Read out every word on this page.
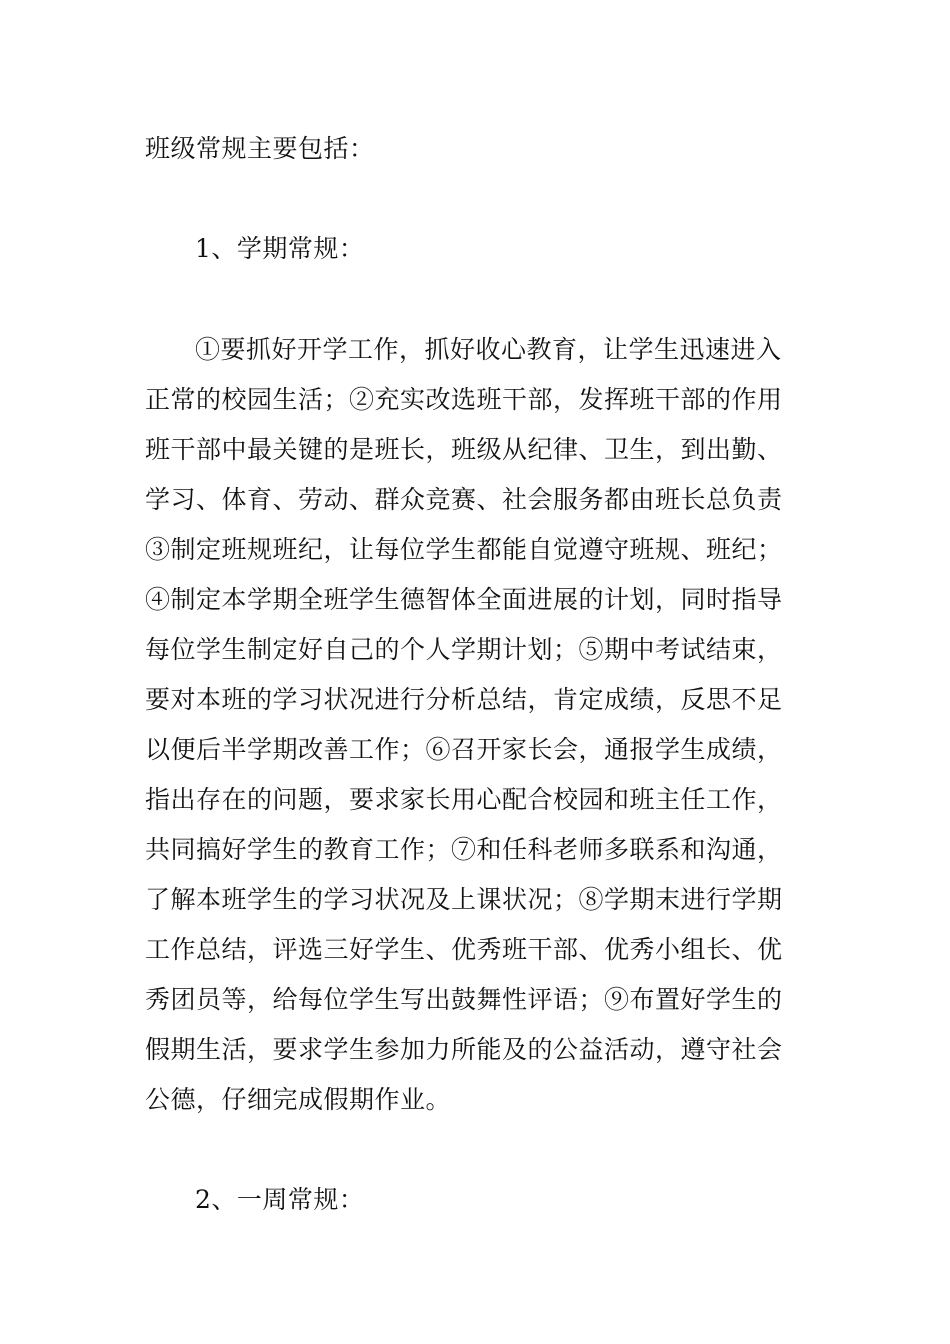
班级常规主要包括：
1、学期常规：
①要抓好开学工作，抓好收心教育，让学生迅速进入
正常的校园生活；②充实改选班干部，发挥班干部的作用
班干部中最关键的是班长，班级从纪律、卫生，到出勤、
学习、体育、劳动、群众竞赛、社会服务都由班长总负责
③制定班规班纪，让每位学生都能自觉遵守班规、班纪；
④制定本学期全班学生德智体全面进展的计划，同时指导
每位学生制定好自己的个人学期计划；⑤期中考试结束，
要对本班的学习状况进行分析总结，肯定成绩，反思不足
以便后半学期改善工作；⑥召开家长会，通报学生成绩，
指出存在的问题，要求家长用心配合校园和班主任工作，
共同搞好学生的教育工作；⑦和任科老师多联系和沟通，
了解本班学生的学习状况及上课状况；⑧学期末进行学期
工作总结，评选三好学生、优秀班干部、优秀小组长、优
秀团员等，给每位学生写出鼓舞性评语；⑨布置好学生的
假期生活，要求学生参加力所能及的公益活动，遵守社会
公德，仔细完成假期作业。
2、一周常规：
